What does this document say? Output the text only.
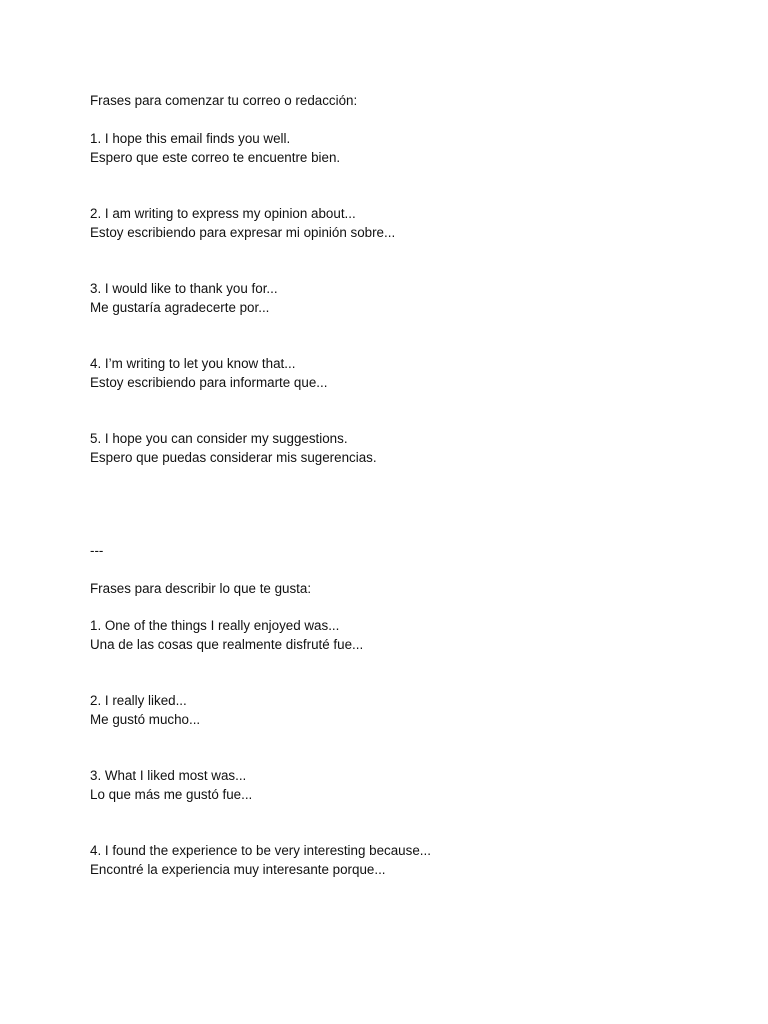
Frases para comenzar tu correo o redacción:
1. I hope this email finds you well.
Espero que este correo te encuentre bien.
2. I am writing to express my opinion about...
Estoy escribiendo para expresar mi opinión sobre...
3. I would like to thank you for...
Me gustaría agradecerte por...
4. I’m writing to let you know that...
Estoy escribiendo para informarte que...
5. I hope you can consider my suggestions.
Espero que puedas considerar mis sugerencias.
---
Frases para describir lo que te gusta:
1. One of the things I really enjoyed was...
Una de las cosas que realmente disfruté fue...
2. I really liked...
Me gustó mucho...
3. What I liked most was...
Lo que más me gustó fue...
4. I found the experience to be very interesting because...
Encontré la experiencia muy interesante porque...
